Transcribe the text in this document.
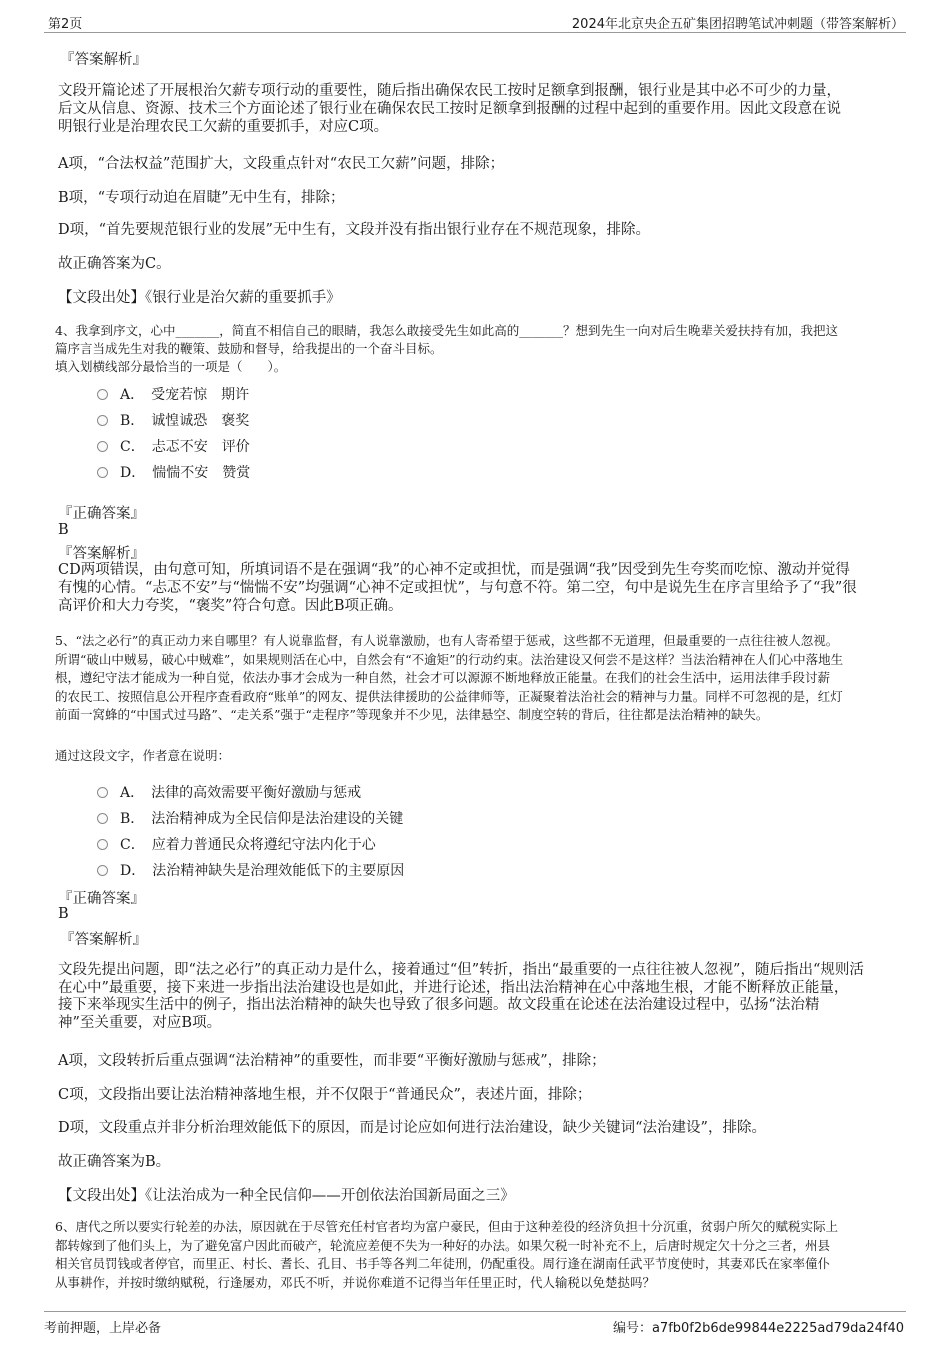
第2页	2024年北京央企五矿集团招聘笔试冲刺题（带答案解析）
『答案解析』
文段开篇论述了开展根治欠薪专项行动的重要性，随后指出确保农民工按时足额拿到报酬，银行业是其中必不可少的力量，
后文从信息、资源、技术三个方面论述了银行业在确保农民工按时足额拿到报酬的过程中起到的重要作用。因此文段意在说
明银行业是治理农民工欠薪的重要抓手，对应C项。
A项，“合法权益”范围扩大，文段重点针对“农民工欠薪”问题，排除；
B项，“专项行动迫在眉睫”无中生有，排除；
D项，“首先要规范银行业的发展”无中生有，文段并没有指出银行业存在不规范现象，排除。
故正确答案为C。
【文段出处】《银行业是治欠薪的重要抓手》
4、我拿到序文，心中_______，简直不相信自己的眼睛，我怎么敢接受先生如此高的_______？想到先生一向对后生晚辈关爱扶持有加，我把这
篇序言当成先生对我的鞭策、鼓励和督导，给我提出的一个奋斗目标。
填入划横线部分最恰当的一项是（　　）。
A．　受宠若惊　期许
B．　诚惶诚恐　褒奖
C．　忐忑不安　评价
D．　惴惴不安　赞赏
『正确答案』
B
『答案解析』
CD两项错误，由句意可知，所填词语不是在强调“我”的心神不定或担忧，而是强调“我”因受到先生夸奖而吃惊、激动并觉得
有愧的心情。“忐忑不安”与“惴惴不安”均强调“心神不定或担忧”，与句意不符。第二空，句中是说先生在序言里给予了“我”很
高评价和大力夸奖，“褒奖”符合句意。因此B项正确。
5、“法之必行”的真正动力来自哪里？有人说靠监督，有人说靠激励，也有人寄希望于惩戒，这些都不无道理，但最重要的一点往往被人忽视。
所谓“破山中贼易，破心中贼难”，如果规则活在心中，自然会有“不逾矩”的行动约束。法治建设又何尝不是这样？当法治精神在人们心中落地生
根，遵纪守法才能成为一种自觉，依法办事才会成为一种自然，社会才可以源源不断地释放正能量。在我们的社会生活中，运用法律手段讨薪
的农民工、按照信息公开程序查看政府“账单”的网友、提供法律援助的公益律师等，正凝聚着法治社会的精神与力量。同样不可忽视的是，红灯
前面一窝蜂的“中国式过马路”、“走关系”强于“走程序”等现象并不少见，法律悬空、制度空转的背后，往往都是法治精神的缺失。
通过这段文字，作者意在说明：
A．　法律的高效需要平衡好激励与惩戒
B．　法治精神成为全民信仰是法治建设的关键
C．　应着力普通民众将遵纪守法内化于心
D．　法治精神缺失是治理效能低下的主要原因
『正确答案』
B
『答案解析』
文段先提出问题，即“法之必行”的真正动力是什么，接着通过“但”转折，指出“最重要的一点往往被人忽视”，随后指出“规则活
在心中”最重要，接下来进一步指出法治建设也是如此，并进行论述，指出法治精神在心中落地生根，才能不断释放正能量，
接下来举现实生活中的例子，指出法治精神的缺失也导致了很多问题。故文段重在论述在法治建设过程中，弘扬“法治精
神”至关重要，对应B项。
A项，文段转折后重点强调“法治精神”的重要性，而非要“平衡好激励与惩戒”，排除；
C项，文段指出要让法治精神落地生根，并不仅限于“普通民众”，表述片面，排除；
D项，文段重点并非分析治理效能低下的原因，而是讨论应如何进行法治建设，缺少关键词“法治建设”，排除。
故正确答案为B。
【文段出处】《让法治成为一种全民信仰——开创依法治国新局面之三》
6、唐代之所以要实行轮差的办法，原因就在于尽管充任村官者均为富户豪民，但由于这种差役的经济负担十分沉重，贫弱户所欠的赋税实际上
都转嫁到了他们头上，为了避免富户因此而破产，轮流应差便不失为一种好的办法。如果欠税一时补充不上，后唐时规定欠十分之三者，州县
相关官员罚钱或者停官，而里正、村长、耆长、孔目、书手等各判二年徒刑，仍配重役。周行逢在湖南任武平节度使时，其妻邓氏在家率僮仆
从事耕作，并按时缴纳赋税，行逢屡劝，邓氏不听，并说你难道不记得当年任里正时，代人输税以免楚挞吗？
考前押题，上岸必备	编号：a7fb0f2b6de99844e2225ad79da24f40
